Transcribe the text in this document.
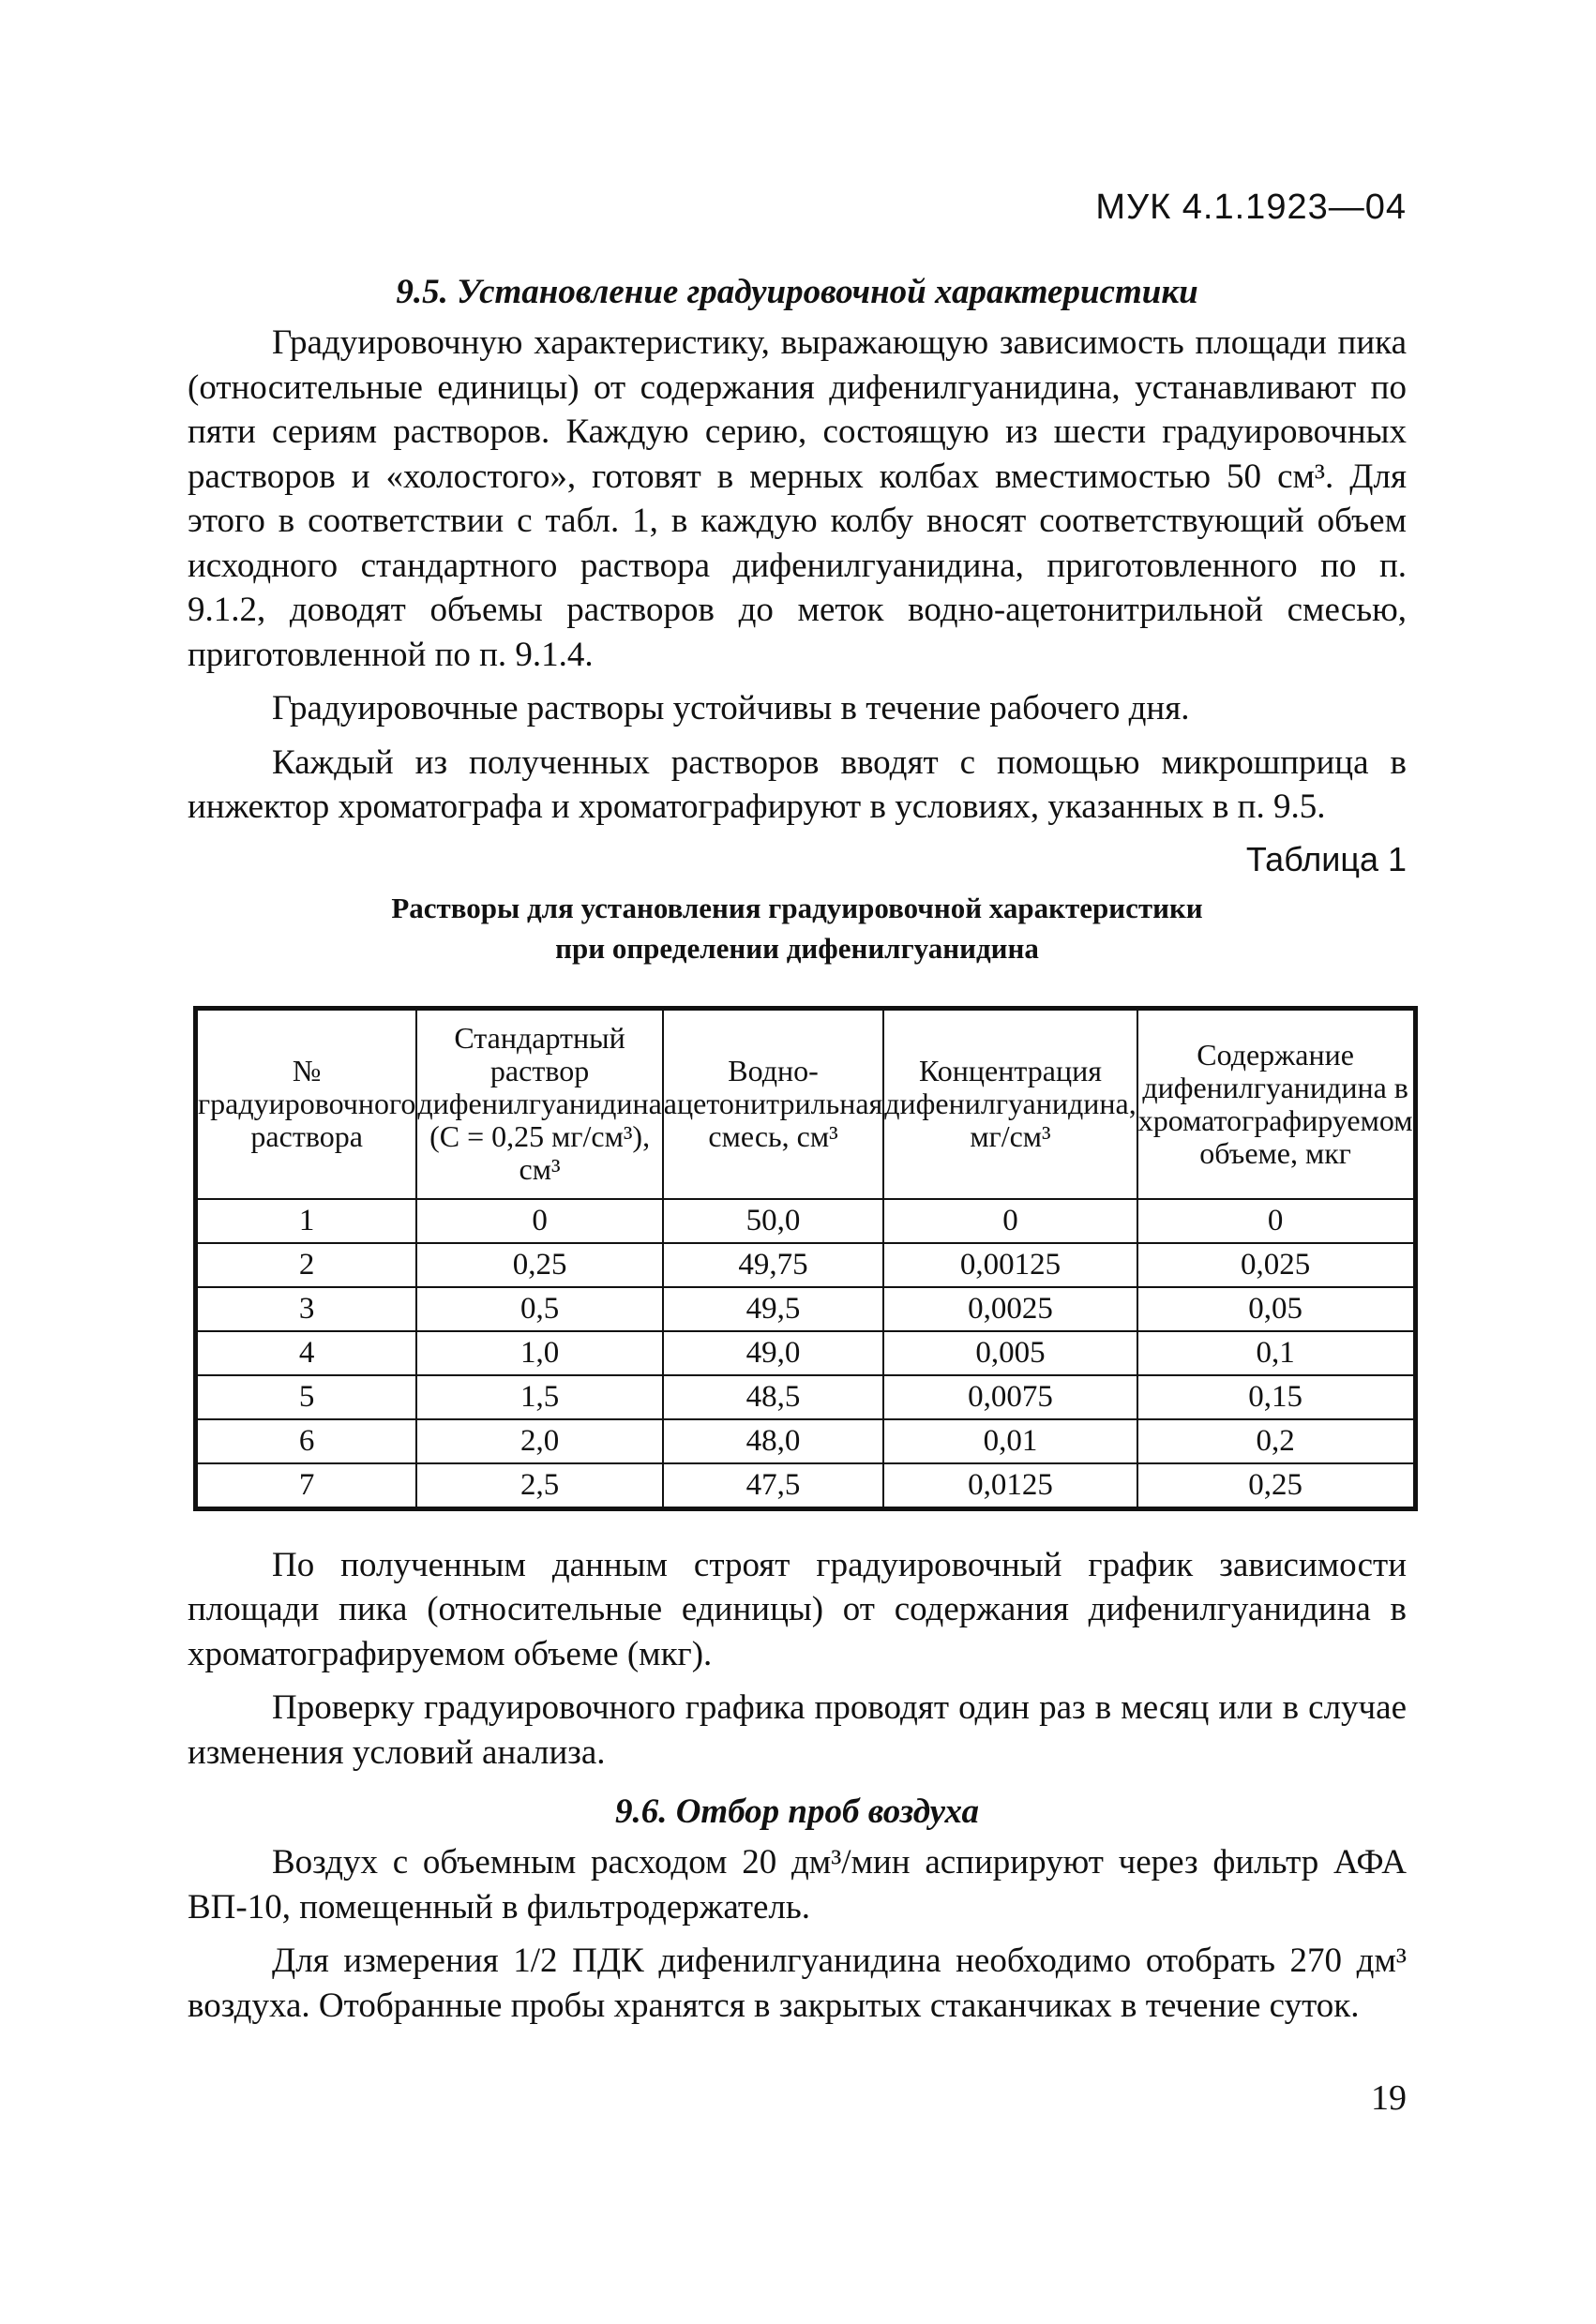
МУК 4.1.1923—04
9.5. Установление градуировочной характеристики

Градуировочную характеристику, выражающую зависимость площади пика (относительные единицы) от содержания дифенилгуанидина, устанавливают по пяти сериям растворов. Каждую серию, состоящую из шести градуировочных растворов и «холостого», готовят в мерных колбах вместимостью 50 см³. Для этого в соответствии с табл. 1, в каждую колбу вносят соответствующий объем исходного стандартного раствора дифенилгуанидина, приготовленного по п. 9.1.2, доводят объемы растворов до меток водно-ацетонитрильной смесью, приготовленной по п. 9.1.4.

Градуировочные растворы устойчивы в течение рабочего дня.

Каждый из полученных растворов вводят с помощью микрошприца в инжектор хроматографа и хроматографируют в условиях, указанных в п. 9.5.

Таблица 1
Растворы для установления градуировочной характеристики
при определении дифенилгуанидина
№ градуировочного раствора	Стандартный раствор дифенилгуанидина (С = 0,25 мг/см³), см³	Водно-ацетонитрильная смесь, см³	Концентрация дифенилгуанидина, мг/см³	Содержание дифенилгуанидина в хроматографируемом объеме, мкг
1	0	50,0	0	0
2	0,25	49,75	0,00125	0,025
3	0,5	49,5	0,0025	0,05
4	1,0	49,0	0,005	0,1
5	1,5	48,5	0,0075	0,15
6	2,0	48,0	0,01	0,2
7	2,5	47,5	0,0125	0,25

По полученным данным строят градуировочный график зависимости площади пика (относительные единицы) от содержания дифенилгуанидина в хроматографируемом объеме (мкг).

Проверку градуировочного графика проводят один раз в месяц или в случае изменения условий анализа.

9.6. Отбор проб воздуха

Воздух с объемным расходом 20 дм³/мин аспирируют через фильтр АФА ВП-10, помещенный в фильтродержатель.

Для измерения 1/2 ПДК дифенилгуанидина необходимо отобрать 270 дм³ воздуха. Отобранные пробы хранятся в закрытых стаканчиках в течение суток.

19
